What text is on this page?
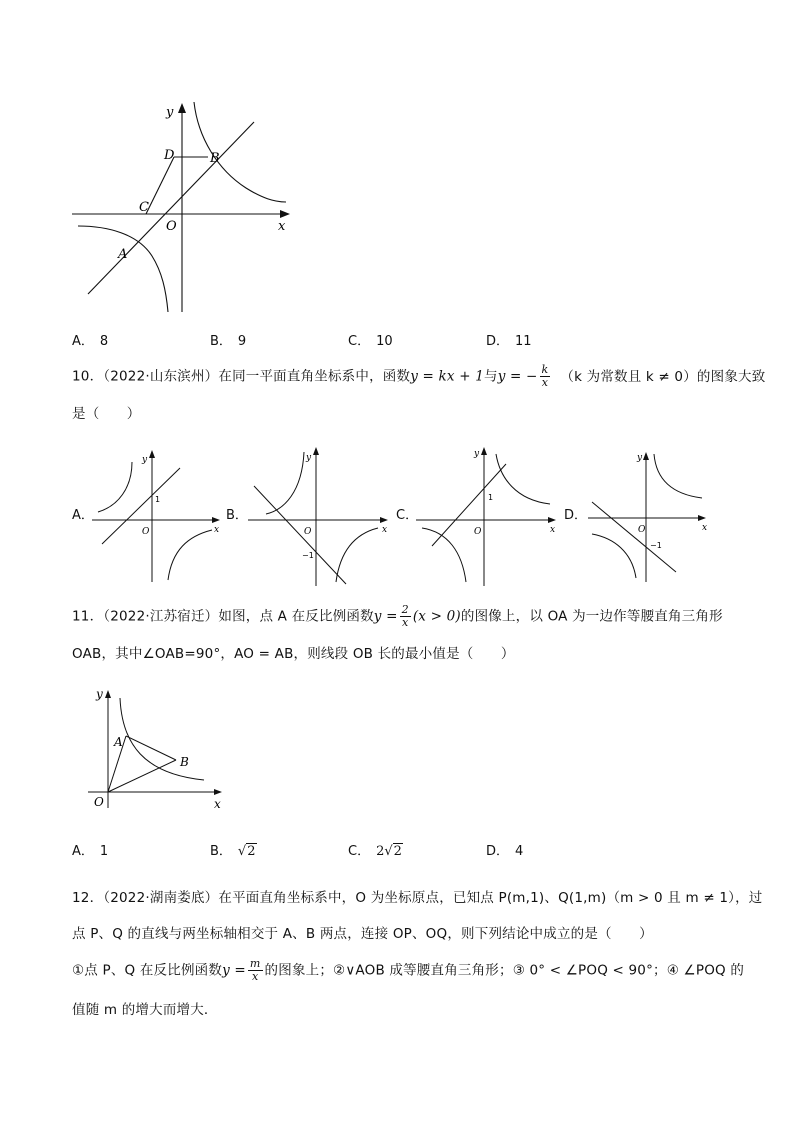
y
x
O
D	B
C
A
A． 8	B． 9	C． 10	D． 11
10．（2022·山东滨州）在同一平面直角坐标系中，函数y = kx + 1与y = − $\frac{k}{x} (k$ 为常数且 k ≠ 0）的图象大致
是（　　）
A．
y
x
O
1
B．
y
x
O
−1
C．
y
x
O
1
D．
y
x
O
−1
11．（2022·江苏宿迁）如图，点 A 在反比例函数$y = \frac{2}{x} (x > 0)$的图像上，以 OA 为一边作等腰直角三角形
OAB，其中∠OAB=90°，AO = AB，则线段 OB 长的最小值是（　　）
y
x
O
A
B
A． 1	B． √2	C． 2√2	D． 4
12．（2022·湖南娄底）在平面直角坐标系中，O 为坐标原点，已知点 P(m,1)、Q(1,m)（m > 0 且 m ≠ 1），过
点 P、Q 的直线与两坐标轴相交于 A、B 两点，连接 OP、OQ，则下列结论中成立的是（　　）
①点 P、Q 在反比例函数$y = \frac{m}{x}$ 的图象上；②∨AOB 成等腰直角三角形；③ 0° < ∠POQ < 90°；④ ∠POQ 的
值随 m 的增大而增大．
